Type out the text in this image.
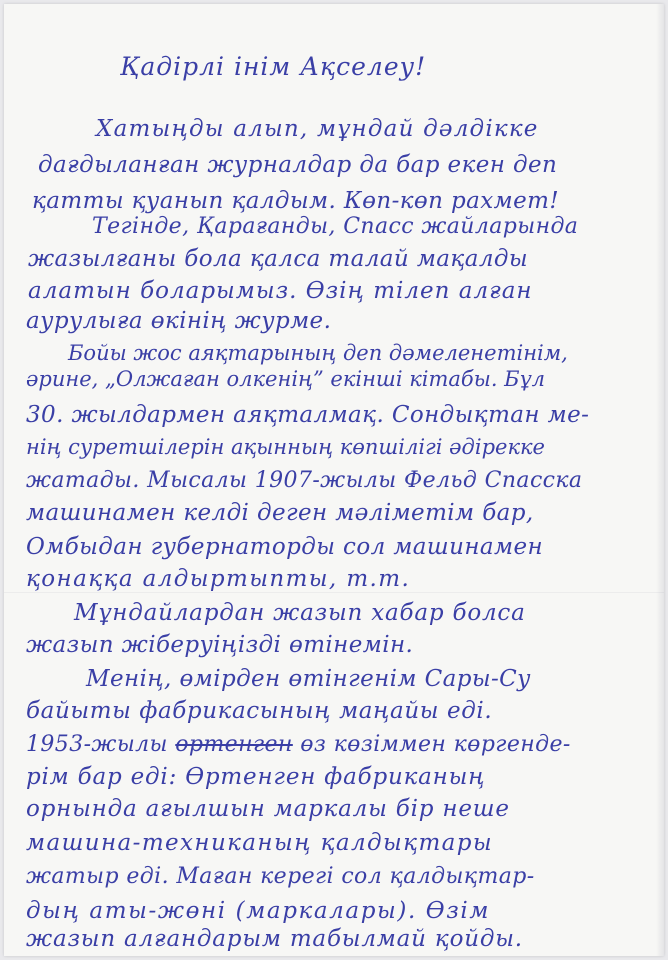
Қадірлі інім Ақселеу!
Хатыңды алып, мұндай дәлдікке
дағдыланған журналдар да бар екен деп
қатты қуанып қалдым. Көп-көп рахмет!
Тегінде, Қарағанды, Спасс жайларында
жазылғаны бола қалса талай мақалды
алатын боларымыз. Өзің тілеп алған
аурулыға өкінің журме.
Бойы жос аяқтарының деп дәмеленетінім,
әрине, „Олжаған олкенің” екінші кітабы. Бұл
30. жылдармен аяқталмақ. Сондықтан ме-
нің суретшілерін ақынның көпшілігі әдірекке
жатады. Мысалы 1907-жылы Фельд Спасска
машинамен келді деген мәліметім бар,
Омбыдан губернаторды сол машинамен
қонаққа алдыртыпты, т.т.
Мұндайлардан жазып хабар болса
жазып жіберуіңізді өтінемін.
Менің, өмірден өтінгенім Сары-Су
байыты фабрикасының маңайы еді.
1953-жылы өртенген өз көзіммен көргенде-
рім бар еді: Өртенген фабриканың
орнында ағылшын маркалы бір неше
машина-техниканың қалдықтары
жатыр еді. Маған керегі сол қалдықтар-
дың аты-жөні (маркалары). Өзім
жазып алғандарым табылмай қойды.
